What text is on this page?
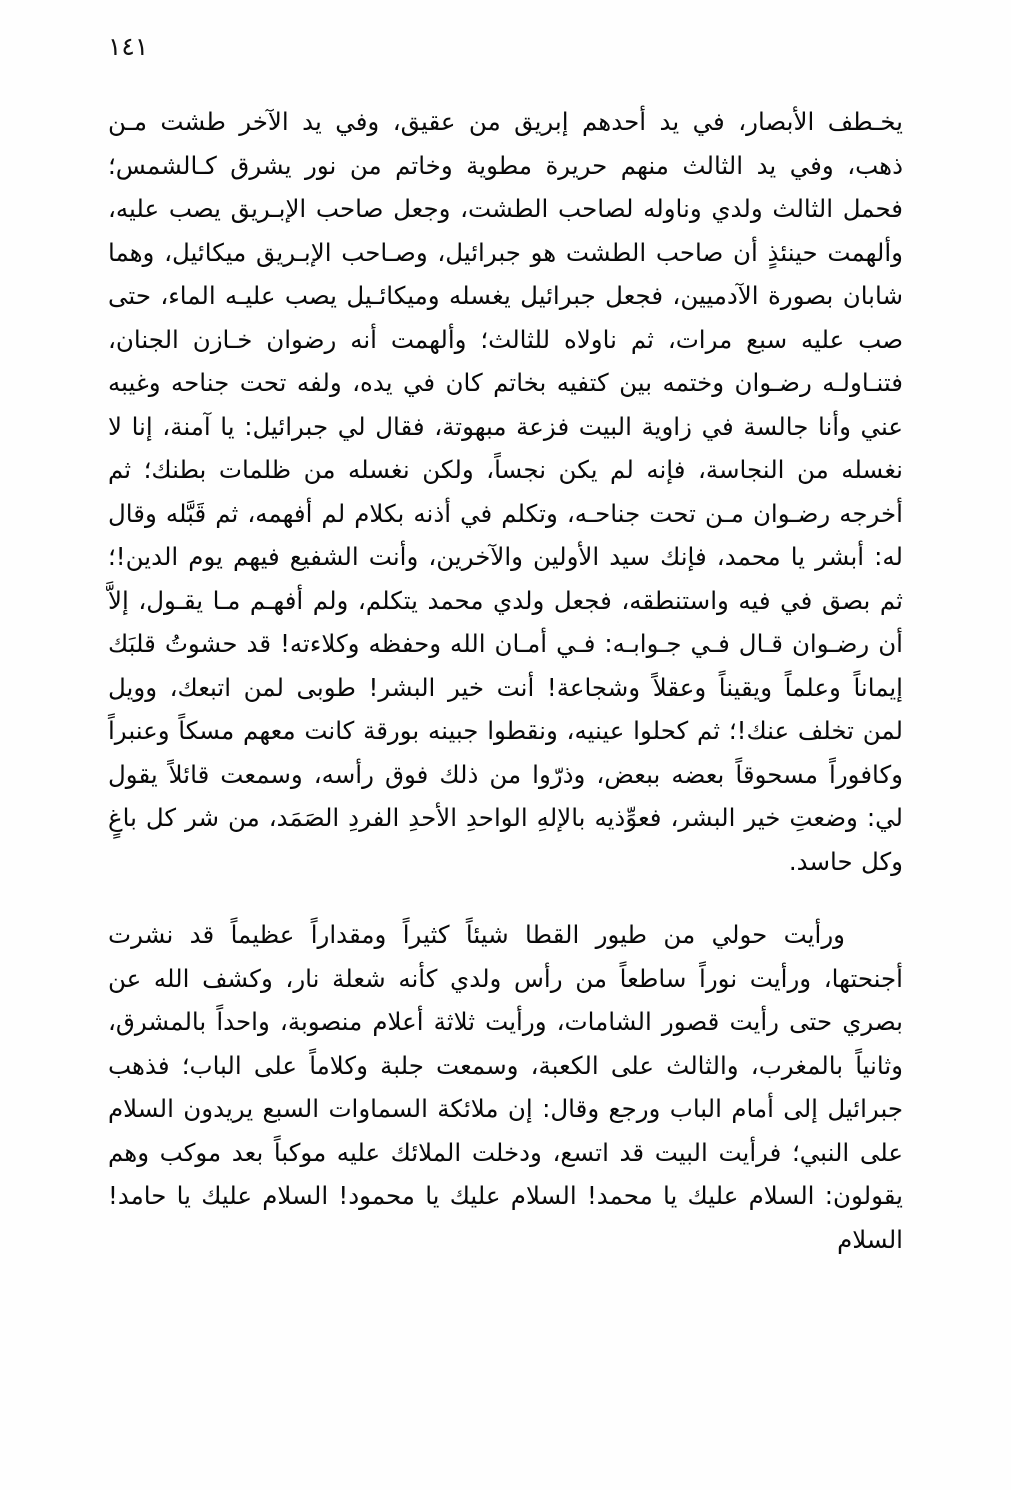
١٤١

يخـطف الأبصار، في يد أحدهم إبريق من عقيق، وفي يد الآخر طشت مـن ذهب، وفي يد الثالث منهم حريرة مطوية وخاتم من نور يشرق كـالشمس؛ فحمل الثالث ولدي وناوله لصاحب الطشت، وجعل صاحب الإبـريق يصب عليه، وألهمت حينئذٍ أن صاحب الطشت هو جبرائيل، وصـاحب الإبـريق ميكائيل، وهما شابان بصورة الآدميين، فجعل جبرائيل يغسله وميكائـيل يصب عليـه الماء، حتى صب عليه سبع مرات، ثم ناولاه للثالث؛ وألهمت أنه رضوان خـازن الجنان، فتنـاولـه رضـوان وختمه بين كتفيه بخاتم كان في يده، ولفه تحت جناحه وغيبه عني وأنا جالسة في زاوية البيت فزعة مبهوتة، فقال لي جبرائيل: يا آمنة، إنا لا نغسله من النجاسة، فإنه لم يكن نجساً، ولكن نغسله من ظلمات بطنك؛ ثم أخرجه رضـوان مـن تحت جناحـه، وتكلم في أذنه بكلام لم أفهمه، ثم قَبَّله وقال له: أبشر يا محمد، فإنك سيد الأولين والآخرين، وأنت الشفيع فيهم يوم الدين!؛ ثم بصق في فيه واستنطقه، فجعل ولدي محمد يتكلم، ولم أفهـم مـا يقـول، إلاَّ أن رضـوان قـال فـي جـوابـه: فـي أمـان الله وحفظه وكلاءته! قد حشوتُ قلبَك إيماناً وعلماً ويقيناً وعقلاً وشجاعة! أنت خير البشر! طوبى لمن اتبعك، وويل لمن تخلف عنك!؛ ثم كحلوا عينيه، ونقطوا جبينه بورقة كانت معهم مسكاً وعنبراً وكافوراً مسحوقاً بعضه ببعض، وذرّوا من ذلك فوق رأسه، وسمعت قائلاً يقول لي: وضعتِ خير البشر، فعوِّذيه بالإلهِ الواحدِ الأحدِ الفردِ الصَمَد، من شر كل باغٍ وكل حاسد.

ورأيت حولي من طيور القطا شيئاً كثيراً ومقداراً عظيماً قد نشرت أجنحتها، ورأيت نوراً ساطعاً من رأس ولدي كأنه شعلة نار، وكشف الله عن بصري حتى رأيت قصور الشامات، ورأيت ثلاثة أعلام منصوبة، واحداً بالمشرق، وثانياً بالمغرب، والثالث على الكعبة، وسمعت جلبة وكلاماً على الباب؛ فذهب جبرائيل إلى أمام الباب ورجع وقال: إن ملائكة السماوات السبع يريدون السلام على النبي؛ فرأيت البيت قد اتسع، ودخلت الملائك عليه موكباً بعد موكب وهم يقولون: السلام عليك يا محمد! السلام عليك يا محمود! السلام عليك يا حامد! السلام
